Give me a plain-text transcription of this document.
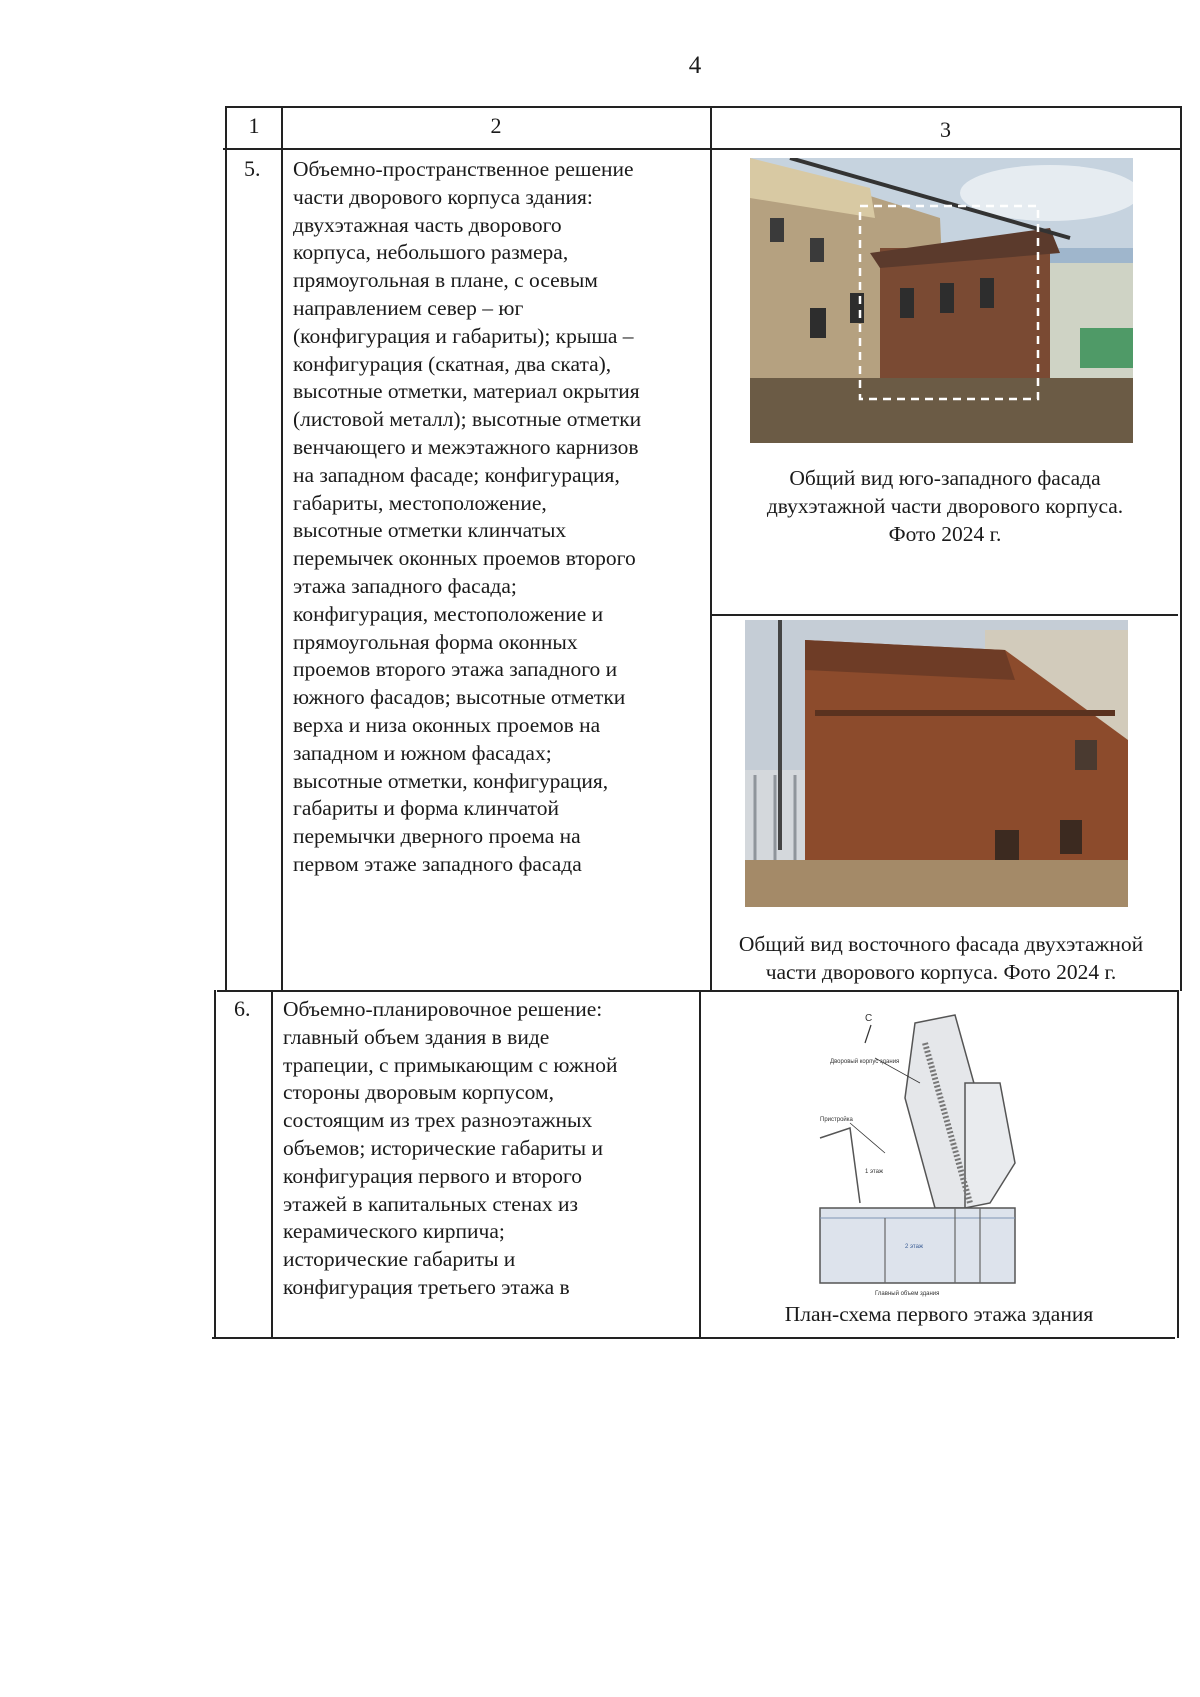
4
1	2	3
5. Объемно-пространственное решение
части дворового корпуса здания:
двухэтажная часть дворового
корпуса, небольшого размера,
прямоугольная в плане, с осевым
направлением север – юг
(конфигурация и габариты); крыша –
конфигурация (скатная, два ската),
высотные отметки, материал окрытия
(листовой металл); высотные отметки
венчающего и межэтажного карнизов
на западном фасаде; конфигурация,
габариты, местоположение,
высотные отметки клинчатых
перемычек оконных проемов второго
этажа западного фасада;
конфигурация, местоположение и
прямоугольная форма оконных
проемов второго этажа западного и
южного фасадов; высотные отметки
верха и низа оконных проемов на
западном и южном фасадах;
высотные отметки, конфигурация,
габариты и форма клинчатой
перемычки дверного проема на
первом этаже западного фасада
Общий вид юго-западного фасада
двухэтажной части дворового корпуса.
Фото 2024 г.
Общий вид восточного фасада двухэтажной
части дворового корпуса. Фото 2024 г.
6. Объемно-планировочное решение:
главный объем здания в виде
трапеции, с примыкающим с южной
стороны дворовым корпусом,
состоящим из трех разноэтажных
объемов; исторические габариты и
конфигурация первого и второго
этажей в капитальных стенах из
керамического кирпича;
исторические габариты и
конфигурация третьего этажа в
С
Дворовый корпус здания
Пристройка
1 этаж
2 этаж
Главный объем здания
План-схема первого этажа здания
